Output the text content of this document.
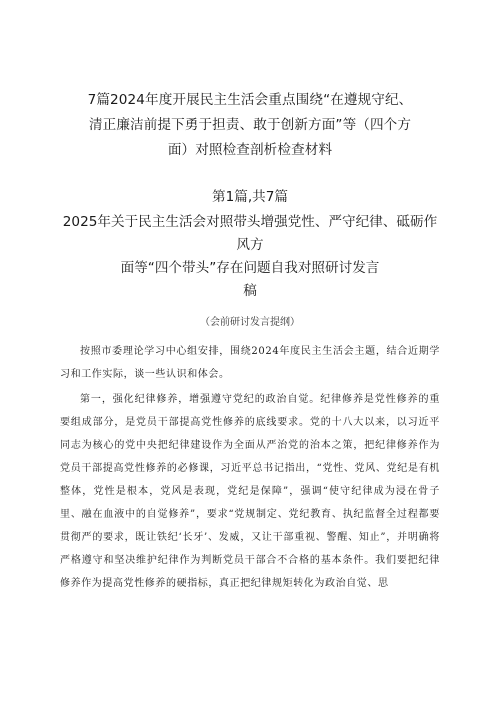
7篇2024年度开展民主生活会重点围绕“在遵规守纪、
清正廉洁前提下勇于担责、敢于创新方面”等（四个方
面）对照检查剖析检查材料
第1篇,共7篇
2025年关于民主生活会对照带头增强党性、严守纪律、砥砺作风方
面等“四个带头”存在问题自我对照研讨发言
稿
（会前研讨发言提纲）

按照市委理论学习中心组安排，围绕2024年度民主生活会主题，结合近期学习和工作实际，谈一些认识和体会。

第一，强化纪律修养，增强遵守党纪的政治自觉。纪律修养是党性修养的重要组成部分，是党员干部提高党性修养的底线要求。党的十八大以来，以习近平同志为核心的党中央把纪律建设作为全面从严治党的治本之策，把纪律修养作为党员干部提高党性修养的必修课，习近平总书记指出，“党性、党风、党纪是有机整体，党性是根本，党风是表现，党纪是保障”，强调“使守纪律成为浸在骨子里、融在血液中的自觉修养”，要求“党规制定、党纪教育、执纪监督全过程都要贯彻严的要求，既让铁纪‘长牙’、发威，又让干部重视、警醒、知止”，并明确将严格遵守和坚决维护纪律作为判断党员干部合不合格的基本条件。我们要把纪律修养作为提高党性修养的硬指标，真正把纪律规矩转化为政治自觉、思
